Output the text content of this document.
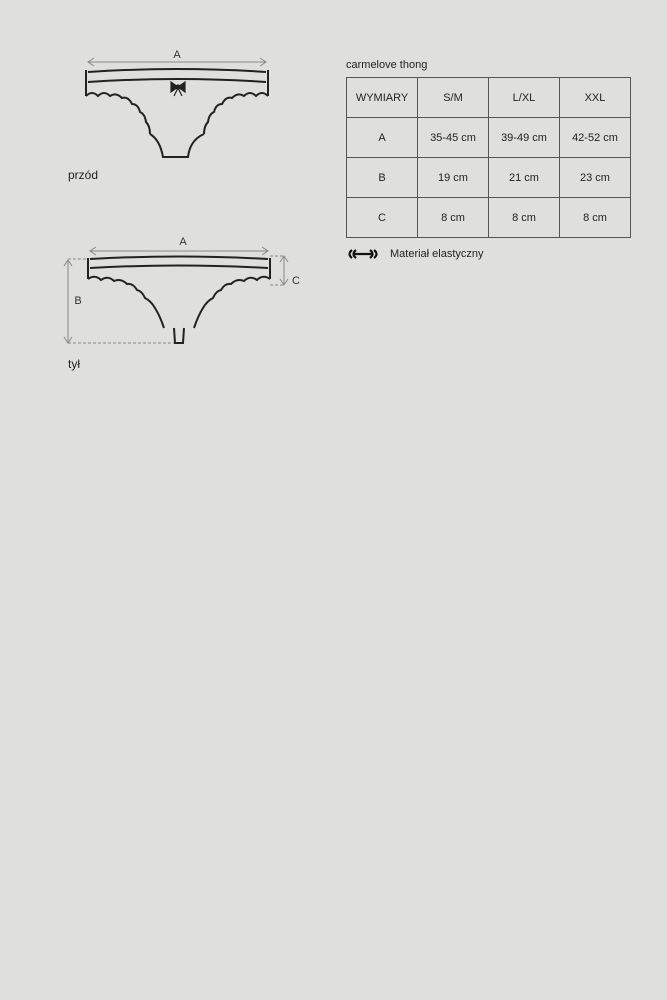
A
A
B
C
przód
tył
carmelove thong
WYMIARY	S/M	L/XL	XXL
A	35-45 cm	39-49 cm	42-52 cm
B	19 cm	21 cm	23 cm
C	8 cm	8 cm	8 cm
Materiał elastyczny
